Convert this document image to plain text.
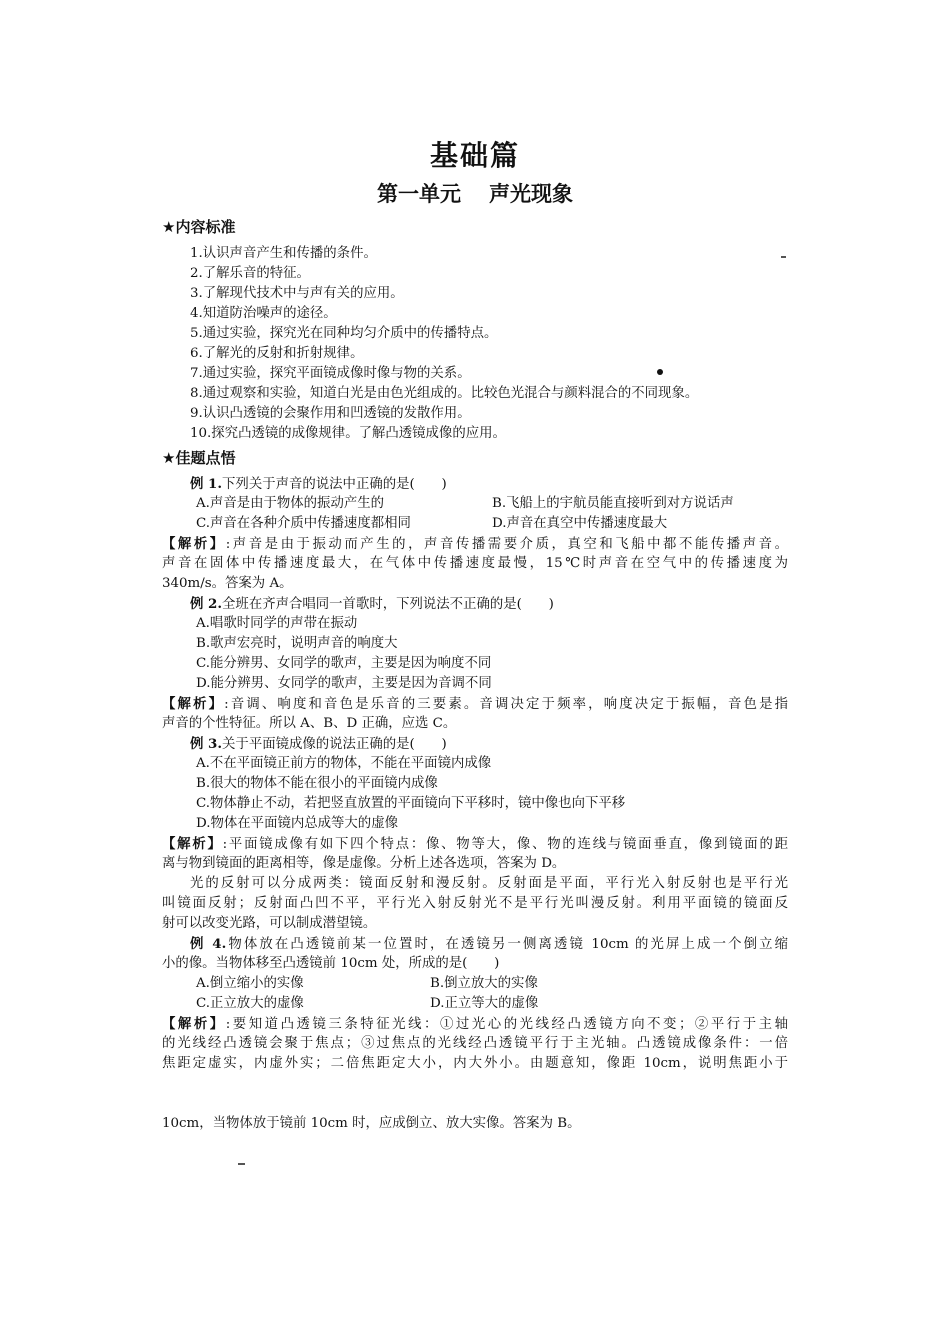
基础篇
第一单元 声光现象
★内容标准
1.认识声音产生和传播的条件。
2.了解乐音的特征。
3.了解现代技术中与声有关的应用。
4.知道防治噪声的途径。
5.通过实验，探究光在同种均匀介质中的传播特点。
6.了解光的反射和折射规律。
7.通过实验，探究平面镜成像时像与物的关系。
8.通过观察和实验，知道白光是由色光组成的。比较色光混合与颜料混合的不同现象。
9.认识凸透镜的会聚作用和凹透镜的发散作用。
10.探究凸透镜的成像规律。了解凸透镜成像的应用。
★佳题点悟
例 1.下列关于声音的说法中正确的是(　　)
A.声音是由于物体的振动产生的	B.飞船上的宇航员能直接听到对方说话声
C.声音在各种介质中传播速度都相同	D.声音在真空中传播速度最大
【解析】:声音是由于振动而产生的，声音传播需要介质，真空和飞船中都不能传播声音。
声音在固体中传播速度最大，在气体中传播速度最慢，15℃时声音在空气中的传播速度为
340m/s。答案为 A。
例 2.全班在齐声合唱同一首歌时，下列说法不正确的是(　　)
A.唱歌时同学的声带在振动
B.歌声宏亮时，说明声音的响度大
C.能分辨男、女同学的歌声，主要是因为响度不同
D.能分辨男、女同学的歌声，主要是因为音调不同
【解析】:音调、响度和音色是乐音的三要素。音调决定于频率，响度决定于振幅，音色是指
声音的个性特征。所以 A、B、D 正确，应选 C。
例 3.关于平面镜成像的说法正确的是(　　)
A.不在平面镜正前方的物体，不能在平面镜内成像
B.很大的物体不能在很小的平面镜内成像
C.物体静止不动，若把竖直放置的平面镜向下平移时，镜中像也向下平移
D.物体在平面镜内总成等大的虚像
【解析】:平面镜成像有如下四个特点：像、物等大，像、物的连线与镜面垂直，像到镜面的距
离与物到镜面的距离相等，像是虚像。分析上述各选项，答案为 D。
光的反射可以分成两类：镜面反射和漫反射。反射面是平面，平行光入射反射也是平行光
叫镜面反射；反射面凸凹不平，平行光入射反射光不是平行光叫漫反射。利用平面镜的镜面反
射可以改变光路，可以制成潜望镜。
例 4.物体放在凸透镜前某一位置时，在透镜另一侧离透镜 10cm 的光屏上成一个倒立缩
小的像。当物体移至凸透镜前 10cm 处，所成的是(　　)
A.倒立缩小的实像	B.倒立放大的实像
C.正立放大的虚像	D.正立等大的虚像
【解析】:要知道凸透镜三条特征光线：①过光心的光线经凸透镜方向不变；②平行于主轴
的光线经凸透镜会聚于焦点；③过焦点的光线经凸透镜平行于主光轴。凸透镜成像条件：一倍
焦距定虚实，内虚外实；二倍焦距定大小，内大外小。由题意知，像距 10cm，说明焦距小于
10cm，当物体放于镜前 10cm 时，应成倒立、放大实像。答案为 B。
